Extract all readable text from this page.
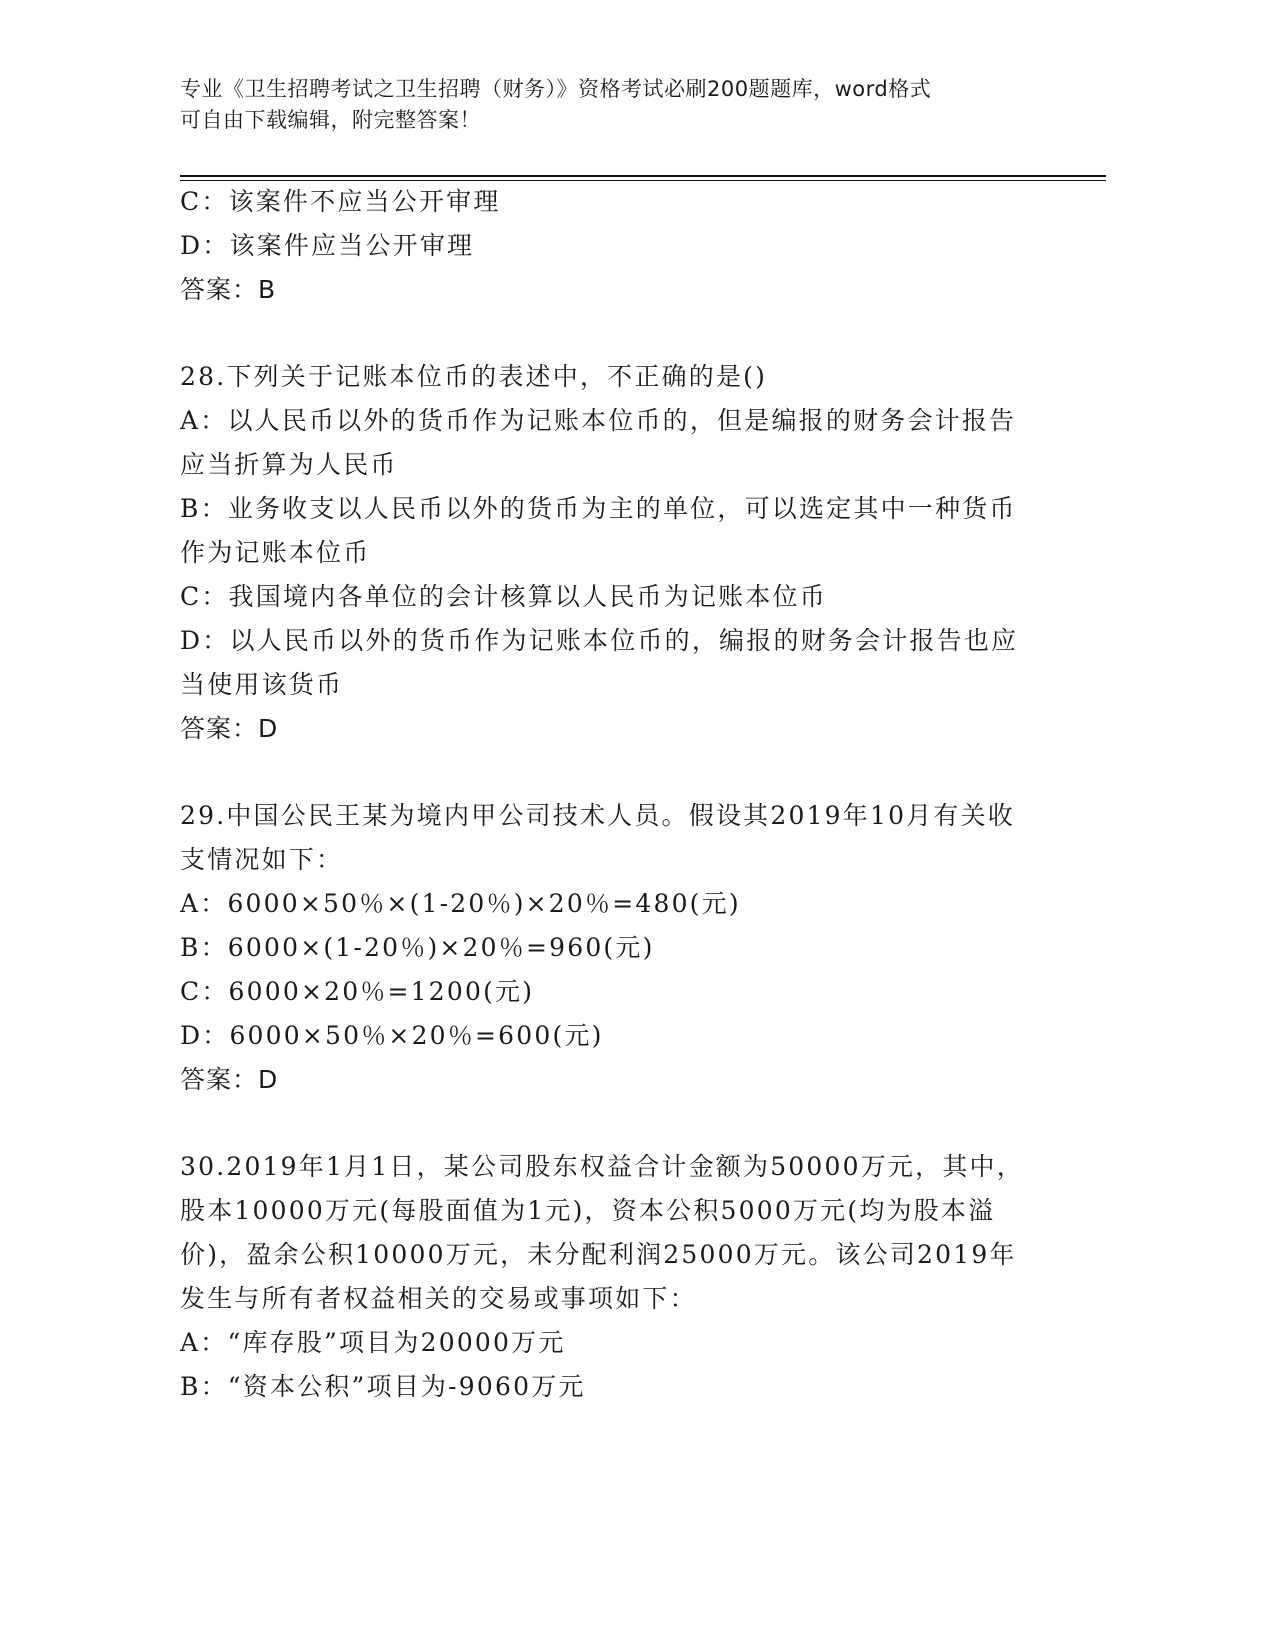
专业《卫生招聘考试之卫生招聘（财务）》资格考试必刷200题题库，word格式
可自由下载编辑，附完整答案！
C：该案件不应当公开审理
D：该案件应当公开审理
答案：B
28.下列关于记账本位币的表述中，不正确的是()
A：以人民币以外的货币作为记账本位币的，但是编报的财务会计报告
应当折算为人民币
B：业务收支以人民币以外的货币为主的单位，可以选定其中一种货币
作为记账本位币
C：我国境内各单位的会计核算以人民币为记账本位币
D：以人民币以外的货币作为记账本位币的，编报的财务会计报告也应
当使用该货币
答案：D
29.中国公民王某为境内甲公司技术人员。假设其2019年10月有关收
支情况如下：
A：6000×50％×(1-20％)×20％=480(元)
B：6000×(1-20％)×20％=960(元)
C：6000×20％=1200(元)
D：6000×50％×20％=600(元)
答案：D
30.2019年1月1日，某公司股东权益合计金额为50000万元，其中，
股本10000万元(每股面值为1元)，资本公积5000万元(均为股本溢
价)，盈余公积10000万元，未分配利润25000万元。该公司2019年
发生与所有者权益相关的交易或事项如下：
A：“库存股”项目为20000万元
B：“资本公积”项目为-9060万元
